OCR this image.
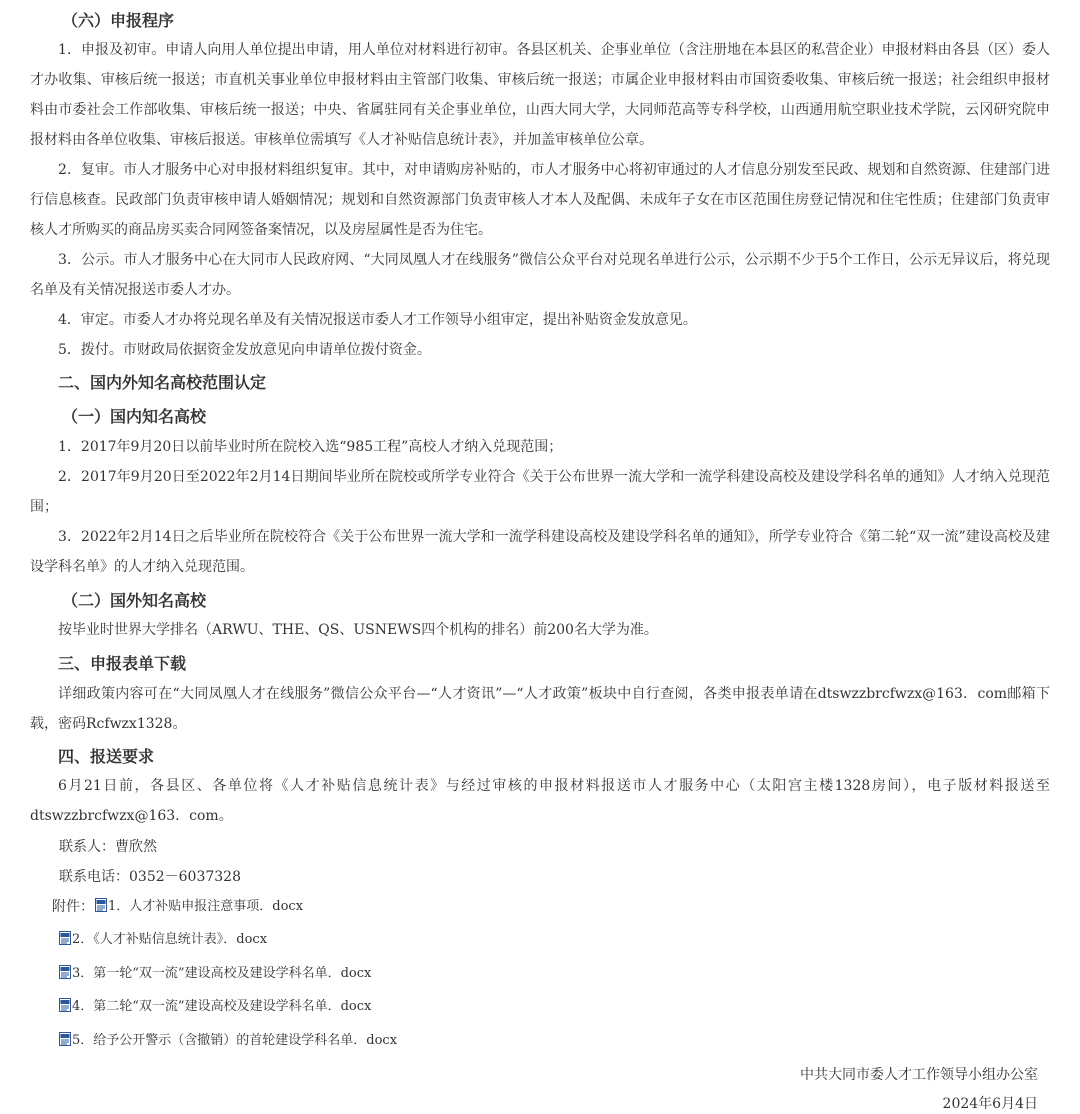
（六）申报程序
1．申报及初审。申请人向用人单位提出申请，用人单位对材料进行初审。各县区机关、企事业单位（含注册地在本县区的私营企业）申报材料由各县（区）委人才办收集、审核后统一报送；市直机关事业单位申报材料由主管部门收集、审核后统一报送；市属企业申报材料由市国资委收集、审核后统一报送；社会组织申报材料由市委社会工作部收集、审核后统一报送；中央、省属驻同有关企事业单位，山西大同大学，大同师范高等专科学校，山西通用航空职业技术学院，云冈研究院申报材料由各单位收集、审核后报送。审核单位需填写《人才补贴信息统计表》，并加盖审核单位公章。
2．复审。市人才服务中心对申报材料组织复审。其中，对申请购房补贴的，市人才服务中心将初审通过的人才信息分别发至民政、规划和自然资源、住建部门进行信息核查。民政部门负责审核申请人婚姻情况；规划和自然资源部门负责审核人才本人及配偶、未成年子女在市区范围住房登记情况和住宅性质；住建部门负责审核人才所购买的商品房买卖合同网签备案情况，以及房屋属性是否为住宅。
3．公示。市人才服务中心在大同市人民政府网、“大同凤凰人才在线服务”微信公众平台对兑现名单进行公示，公示期不少于5个工作日，公示无异议后，将兑现名单及有关情况报送市委人才办。
4．审定。市委人才办将兑现名单及有关情况报送市委人才工作领导小组审定，提出补贴资金发放意见。
5．拨付。市财政局依据资金发放意见向申请单位拨付资金。
二、国内外知名高校范围认定
（一）国内知名高校
1．2017年9月20日以前毕业时所在院校入选“985工程”高校人才纳入兑现范围；
2．2017年9月20日至2022年2月14日期间毕业所在院校或所学专业符合《关于公布世界一流大学和一流学科建设高校及建设学科名单的通知》人才纳入兑现范围；
3．2022年2月14日之后毕业所在院校符合《关于公布世界一流大学和一流学科建设高校及建设学科名单的通知》，所学专业符合《第二轮“双一流”建设高校及建设学科名单》的人才纳入兑现范围。
（二）国外知名高校
按毕业时世界大学排名（ARWU、THE、QS、USNEWS四个机构的排名）前200名大学为准。
三、申报表单下载
详细政策内容可在“大同凤凰人才在线服务”微信公众平台—“人才资讯”—“人才政策”板块中自行查阅，各类申报表单请在dtswzzbrcfwzx@163．com邮箱下载，密码Rcfwzx1328。
四、报送要求
6月21日前，各县区、各单位将《人才补贴信息统计表》与经过审核的申报材料报送市人才服务中心（太阳宫主楼1328房间），电子版材料报送至dtswzzbrcfwzx@163．com。
联系人：曹欣然
联系电话：0352－6037328
附件：	1．人才补贴申报注意事项．docx
2．《人才补贴信息统计表》．docx
3．第一轮“双一流”建设高校及建设学科名单．docx
4．第二轮“双一流”建设高校及建设学科名单．docx
5．给予公开警示（含撤销）的首轮建设学科名单．docx
中共大同市委人才工作领导小组办公室
2024年6月4日
